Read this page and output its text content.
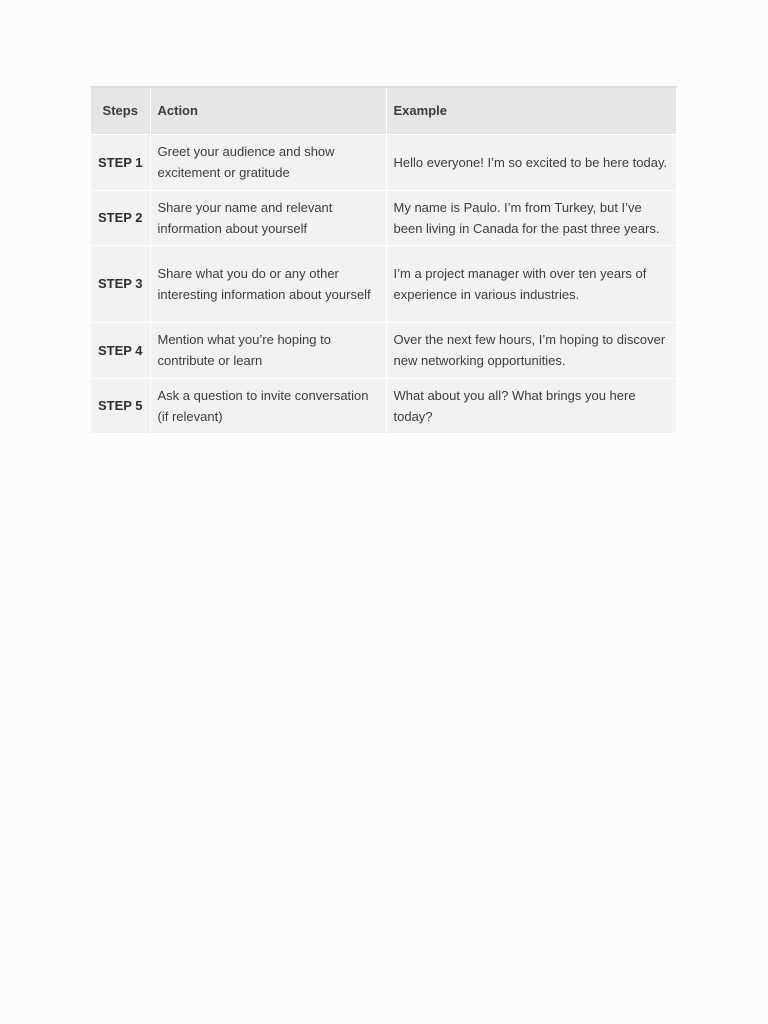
Steps	Action	Example
STEP 1	Greet your audience and show excitement or gratitude	Hello everyone! I’m so excited to be here today.
STEP 2	Share your name and relevant information about yourself	My name is Paulo. I’m from Turkey, but I’ve been living in Canada for the past three years.
STEP 3	Share what you do or any other interesting information about yourself	I’m a project manager with over ten years of experience in various industries.
STEP 4	Mention what you’re hoping to contribute or learn	Over the next few hours, I’m hoping to discover new networking opportunities.
STEP 5	Ask a question to invite conversation (if relevant)	What about you all? What brings you here today?
